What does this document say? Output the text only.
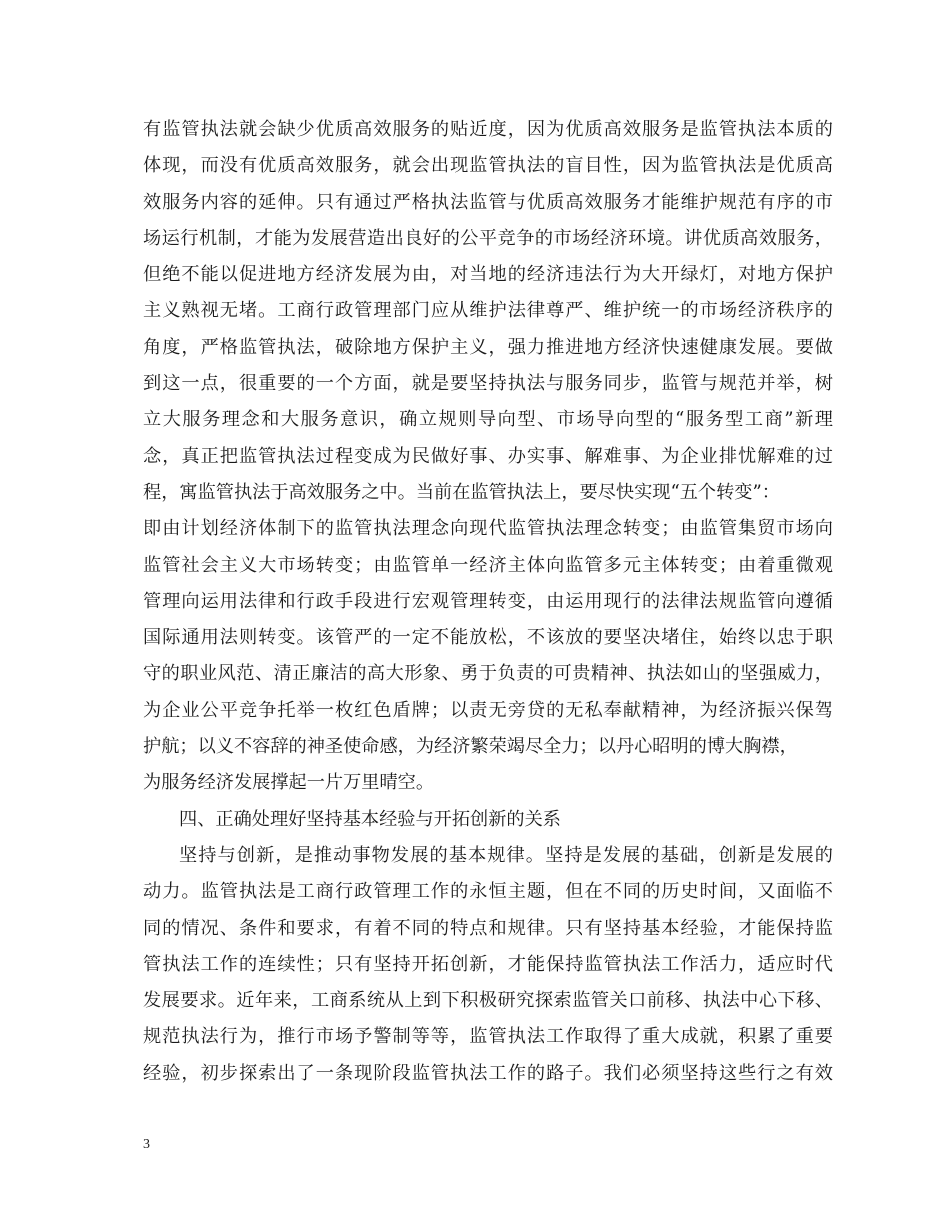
有监管执法就会缺少优质高效服务的贴近度，因为优质高效服务是监管执法本质的
体现，而没有优质高效服务，就会出现监管执法的盲目性，因为监管执法是优质高
效服务内容的延伸。只有通过严格执法监管与优质高效服务才能维护规范有序的市
场运行机制，才能为发展营造出良好的公平竞争的市场经济环境。讲优质高效服务，
但绝不能以促进地方经济发展为由，对当地的经济违法行为大开绿灯，对地方保护
主义熟视无堵。工商行政管理部门应从维护法律尊严、维护统一的市场经济秩序的
角度，严格监管执法，破除地方保护主义，强力推进地方经济快速健康发展。要做
到这一点，很重要的一个方面，就是要坚持执法与服务同步，监管与规范并举，树
立大服务理念和大服务意识，确立规则导向型、市场导向型的“服务型工商”新理
念，真正把监管执法过程变成为民做好事、办实事、解难事、为企业排忧解难的过
程，寓监管执法于高效服务之中。当前在监管执法上，要尽快实现“五个转变”：
即由计划经济体制下的监管执法理念向现代监管执法理念转变；由监管集贸市场向
监管社会主义大市场转变；由监管单一经济主体向监管多元主体转变；由着重微观
管理向运用法律和行政手段进行宏观管理转变，由运用现行的法律法规监管向遵循
国际通用法则转变。该管严的一定不能放松，不该放的要坚决堵住，始终以忠于职
守的职业风范、清正廉洁的高大形象、勇于负责的可贵精神、执法如山的坚强威力，
为企业公平竞争托举一枚红色盾牌；以责无旁贷的无私奉献精神，为经济振兴保驾
护航；以义不容辞的神圣使命感，为经济繁荣竭尽全力；以丹心昭明的博大胸襟，
为服务经济发展撑起一片万里晴空。
四、正确处理好坚持基本经验与开拓创新的关系
坚持与创新，是推动事物发展的基本规律。坚持是发展的基础，创新是发展的
动力。监管执法是工商行政管理工作的永恒主题，但在不同的历史时间，又面临不
同的情况、条件和要求，有着不同的特点和规律。只有坚持基本经验，才能保持监
管执法工作的连续性；只有坚持开拓创新，才能保持监管执法工作活力，适应时代
发展要求。近年来，工商系统从上到下积极研究探索监管关口前移、执法中心下移、
规范执法行为，推行市场予警制等等，监管执法工作取得了重大成就，积累了重要
经验，初步探索出了一条现阶段监管执法工作的路子。我们必须坚持这些行之有效
3
